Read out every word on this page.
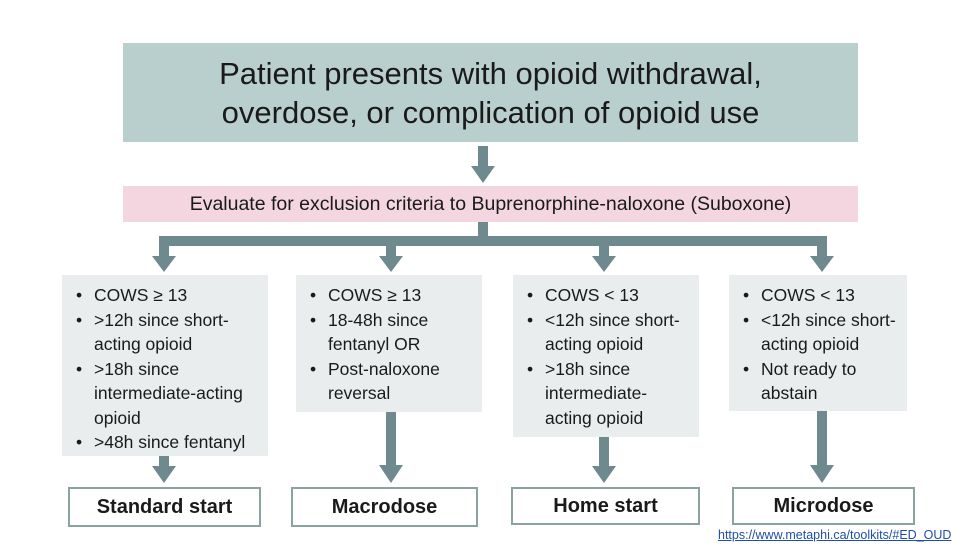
Patient presents with opioid withdrawal, overdose, or complication of opioid use
Evaluate for exclusion criteria to Buprenorphine-naloxone (Suboxone)
• COWS ≥ 13
• >12h since short-acting opioid
• >18h since intermediate-acting opioid
• >48h since fentanyl
• COWS ≥ 13
• 18-48h since fentanyl OR
• Post-naloxone reversal
• COWS < 13
• <12h since short-acting opioid
• >18h since intermediate-acting opioid
• COWS < 13
• <12h since short-acting opioid
• Not ready to abstain
Standard start	Macrodose	Home start	Microdose
https://www.metaphi.ca/toolkits/#ED_OUD
